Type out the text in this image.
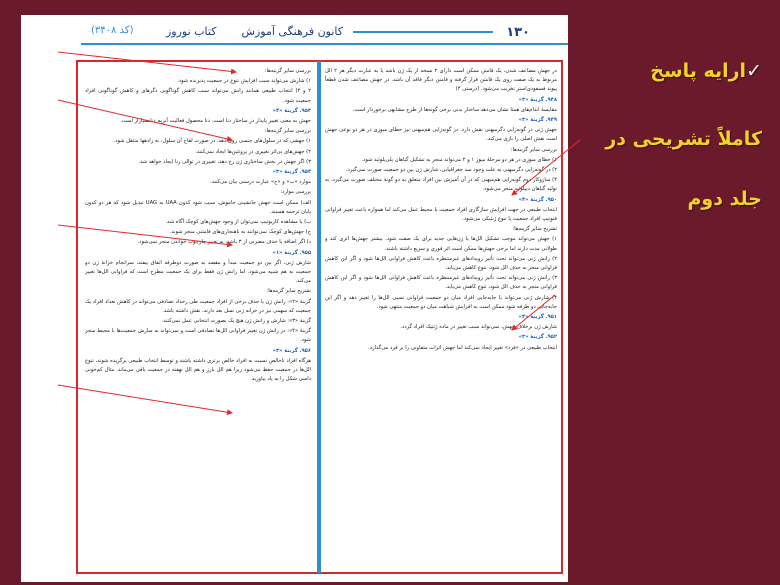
۱۳۰
کانون فرهنگی آموزش
کتاب نوروز
(کد ۳۴۰۸)

در جهش مضاعف شدن، یک قامتن ممکن است دارای ۲ نسخه از یک ژن باشد یا به عبارت دیگر هر ۲ الل مربوط به یک صفت روی یک قامتن قرار گرفته و قامتن دیگر فاقد آن باشد. در جهش مضاعف شدن قطعاً پیوند فسفودی‌استر تخریب می‌شود. (درستی ۴)

۹۴۸. گزینهٔ «۳»

مقایسهٔ اندام‌های همتا نشان می‌دهد ساختار بدنی برخی گونه‌ها از طرح مشابهی برخوردار است.

۹۴۹. گزینهٔ «۳»

جهش ژنی در گونه‌زایی دگرمیهنی نقش دارد. در گونه‌زایی هم‌میهنی نیز خطای میوزی در هر دو نوعی جهش است نقش اصلی را بازی می‌کند.

بررسی سایر گزینه‌ها:

۱) خطای میوزی در هر دو مرحلهٔ میوز ۱ و ۲ می‌تواند منجر به تشکیل گیاهان پلی‌پلوئید شود.

۲) در گونه‌زایی دگرمیهنی به علت وجود سد جغرافیایی، شارش ژن بین دو جمعیت صورت نمی‌گیرد.

۴) سازوکار دوم گونه‌زایی هم‌میهنی که در آن آمیزش بین افراد متعلق به دو گونهٔ مختلف صورت می‌گیرد، به تولید گیاهان دیپلوئید منجر می‌شود.

۹۵۰. گزینهٔ «۴»

انتخاب طبیعی در جهت افزایش سازگاری افراد جمعیت با محیط عمل می‌کند اما همواره باعث تغییر فراوانی فنوتیپ افراد جمعیت یا تنوع ژنتیکی می‌شود.

تشریح سایر گزینه‌ها:

۱) جهش می‌تواند موجب تشکیل الل‌ها یا ژن‌هایی جدید برای یک صفت شود. بیشتر جهش‌ها اثری کند و طولانی مدت دارند اما برخی جهش‌ها ممکن است اثر فوری و سریع داشته باشند.

۲) رانش ژنی می‌تواند تحت تأثیر رویدادهای غیرمنتظره باعث کاهش فراوانی الل‌ها شود و اگر این کاهش فراوانی منجر به حذف الل شود، تنوع کاهش می‌یابد.

۳) رانش ژنی می‌تواند تحت تأثیر رویدادهای غیرمنتظره باعث کاهش فراوانی الل‌ها شود و اگر این کاهش فراوانی منجر به حذف الل شود، تنوع کاهش می‌یابد.

۴) شارش ژنی می‌تواند با جابه‌جایی افراد میان دو جمعیت فراوانی نسبی الل‌ها را تغییر دهد و اگر این جابه‌جایی دو طرفه شود ممکن است به افزایش شباهت میان دو جمعیت منتهی شود.

۹۵۱. گزینهٔ «۴»

شارش ژن برخلاف جهش، نمی‌تواند سبب تغییر در ماده ژنتیک افراد گردد.

۹۵۲. گزینهٔ «۳»

انتخاب طبیعی در «فرد» تغییر ایجاد نمی‌کند اما جهش اثرات متفاوتی را بر فرد می‌گذارد.

بررسی سایر گزینه‌ها:

۱) شارش می‌تواند سبب افزایش تنوع در جمعیت پذیرنده شود.

۲ و ۴) انتخاب طبیعی همانند رانش می‌تواند سبب کاهش گوناگونی دگرهای و کاهش گوناگونی افراد جمعیت شود.

۹۵۳. گزینهٔ «۴»

جهش به معنی تغییر پایدار در ساختار دنا است. دنا محصول فعالیت آنزیم دنابسپاراز است.

بررسی سایر گزینه‌ها:

۱) جهشی که در سلول‌های جنسی روی دهد، در صورت لقاح آن سلول، به زادهها منتقل شود.

۲) جهش‌های بی‌اثر تغییری در پروتئین‌ها ایجاد نمی‌کنند.

۳) اگر جهش در بخش ساختاری ژن رخ دهد، تغییری در توالی رنا ایجاد خواهد شد.

۹۵۴. گزینهٔ «۳»

موارد «ب» و «ج» عبارت درستی بیان می‌کنند.

بررسی موارد:

الف) ممکن است جهش جانشینی خاموش، سبب شود کدون UAA به UAG تبدیل شود که هر دو کدون پایان ترجمه هستند.

ب) با مشاهده کاریوتیپ نمی‌توان از وجود جهش‌های کوچک آگاه شد.

ج) جهش‌های کوچک نمی‌توانند به ناهنجاری‌های فامتنی منجر شوند.

د) اگر اضافه یا حذف مضربی از ۳ باشد، به تغییر چارچوب خواندن منجر نمی‌شود.

۹۵۵. گزینهٔ «۱»

شارش ژنی، اگر بین دو جمعیت مبدأ و مقصد به صورت دوطرفه اتفاق بیفتد، سرانجام خزانهٔ ژن دو جمعیت به هم شبیه می‌شود. اما رانش ژن فقط برای یک جمعیت مطرح است که فراوانی الل‌ها تغییر می‌کند.

تشریح سایر گزینه‌ها:

گزینهٔ «۲»: رانش ژن با حذف برخی از افراد جمعیت طی رخداد تصادفی می‌تواند در کاهش تعداد افراد یک جمعیت که سهمی نیز در خزانه ژنی نسل بعد دارند، نقش داشته باشد.

گزینهٔ «۳»: شارش و رانش ژن هیچ یک بصورت انتخابی عمل نمی‌کنند.

گزینهٔ «۴»: در رانش ژن تغییر فراوانی الل‌ها تصادفی است و نمی‌تواند به سازش جمعیت‌ها با محیط منجر شود.

۹۵۶. گزینهٔ «۳»

هرگاه افراد ناخالص نسبت به افراد خالص برتری داشته باشند و توسط انتخاب طبیعی برگزیده شوند، تنوع الل‌ها در جمعیت حفظ می‌شود زیرا هم الل بارز و هم الل نهفته در جمعیت باقی می‌ماند. مثال کم‌خونی داسی شکل را به یاد بیاورید.

✓ارایه پاسخ
کاملاً تشریحی در
جلد دوم
